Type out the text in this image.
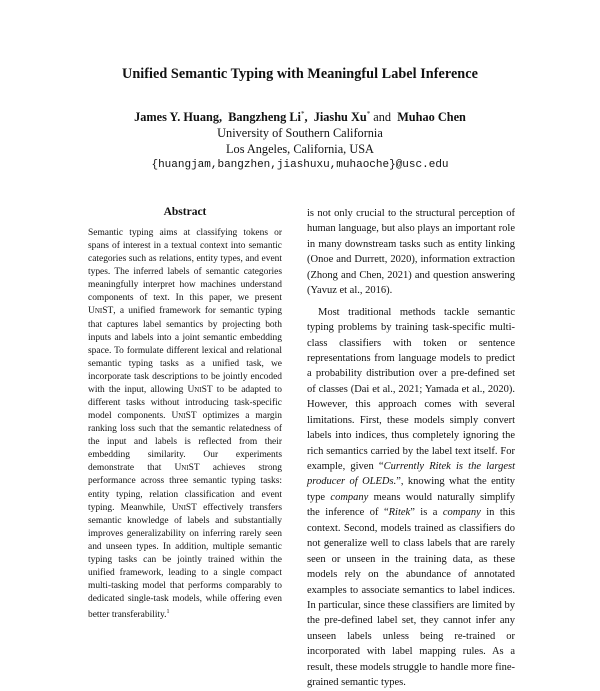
Unified Semantic Typing with Meaningful Label Inference
James Y. Huang, Bangzheng Li*, Jiashu Xu* and Muhao Chen
University of Southern California
Los Angeles, California, USA
{huangjam,bangzhen,jiashuxu,muhaoche}@usc.edu
Abstract

Semantic typing aims at classifying tokens or spans of interest in a textual context into semantic categories such as relations, entity types, and event types. The inferred labels of semantic categories meaningfully interpret how machines understand components of text. In this paper, we present UniST, a unified framework for semantic typing that captures label semantics by projecting both inputs and labels into a joint semantic embedding space. To formulate different lexical and relational semantic typing tasks as a unified task, we incorporate task descriptions to be jointly encoded with the input, allowing UniST to be adapted to different tasks without introducing task-specific model components. UniST optimizes a margin ranking loss such that the semantic relatedness of the input and labels is reflected from their embedding similarity. Our experiments demonstrate that UniST achieves strong performance across three semantic typing tasks: entity typing, relation classification and event typing. Meanwhile, UniST effectively transfers semantic knowledge of labels and substantially improves generalizability on inferring rarely seen and unseen types. In addition, multiple semantic typing tasks can be jointly trained within the unified framework, leading to a single compact multi-tasking model that performs comparably to dedicated single-task models, while offering even better transferability.$^1$

is not only crucial to the structural perception of human language, but also plays an important role in many downstream tasks such as entity linking (Onoe and Durrett, 2020), information extraction (Zhong and Chen, 2021) and question answering (Yavuz et al., 2016).

Most traditional methods tackle semantic typing problems by training task-specific multi-class classifiers with token or sentence representations from language models to predict a probability distribution over a pre-defined set of classes (Dai et al., 2021; Yamada et al., 2020). However, this approach comes with several limitations. First, these models simply convert labels into indices, thus completely ignoring the rich semantics carried by the label text itself. For example, given “Currently Ritek is the largest producer of OLEDs.”, knowing what the entity type company means would naturally simplify the inference of “Ritek” is a company in this context. Second, models trained as classifiers do not generalize well to class labels that are rarely seen or unseen in the training data, as these models rely on the abundance of annotated examples to associate semantics to label indices. In particular, since these classifiers are limited by the pre-defined label set, they cannot infer any unseen labels unless being re-trained or incorporated with label mapping rules. As a result, these models struggle to handle more fine-grained semantic types.
